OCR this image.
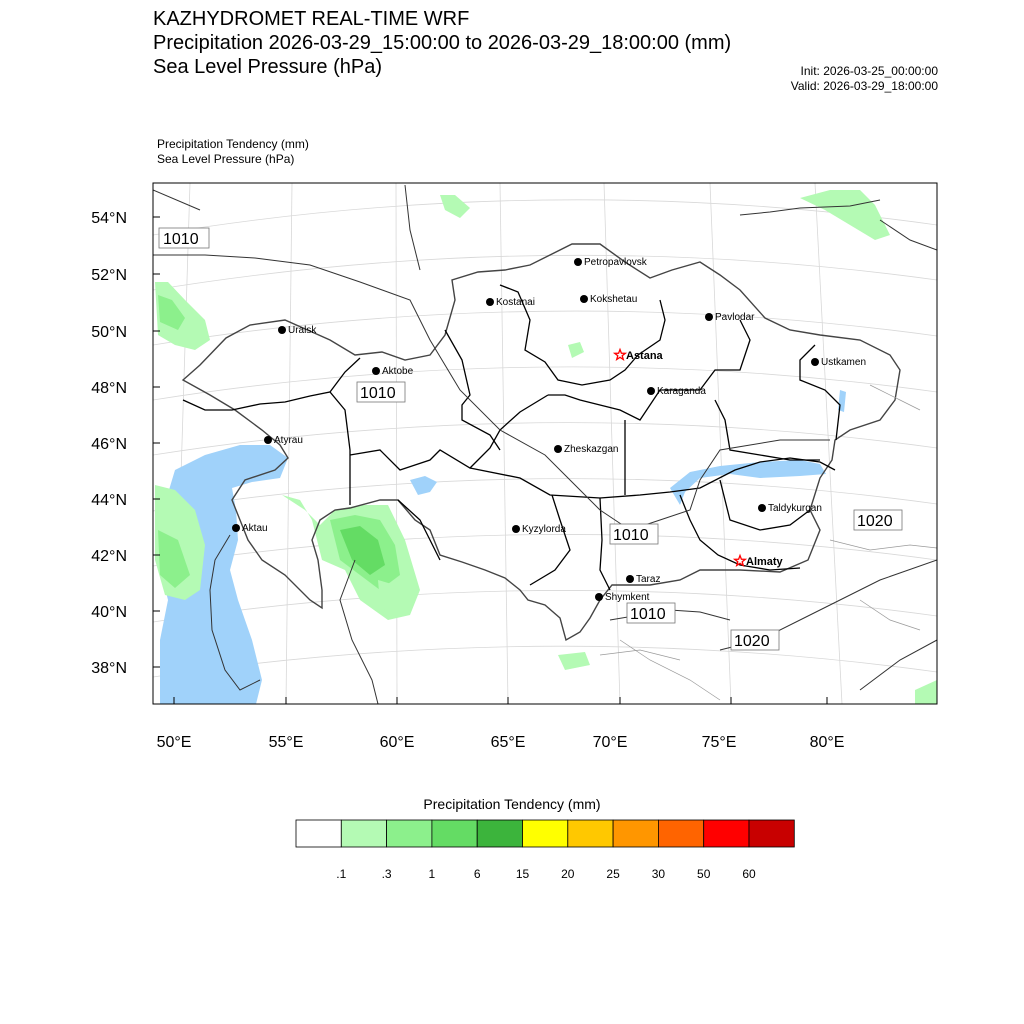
KAZHYDROMET REAL-TIME WRF
Precipitation 2026-03-29_15:00:00 to 2026-03-29_18:00:00 (mm)
Sea Level Pressure (hPa)	Init: 2026-03-25_00:00:00
Valid: 2026-03-29_18:00:00
Precipitation Tendency (mm)
Sea Level Pressure (hPa)
54°N
52°N
50°N
48°N
46°N
44°N
42°N
40°N
38°N
50°E	55°E	60°E	65°E	70°E	75°E	80°E
1010
1010
1010
1020
1010
1020
Petropavlovsk
Kostanai	Kokshetau
Pavlodar
Uralsk
Astana
Ustkamen
Aktobe
Karaganda
Atyrau
Zheskazgan
Taldykurgan
Aktau	Kyzylorda
Almaty
Taraz
Shymkent
.1	.3	1	6	15	20	25	30	50	60
Precipitation Tendency (mm)
